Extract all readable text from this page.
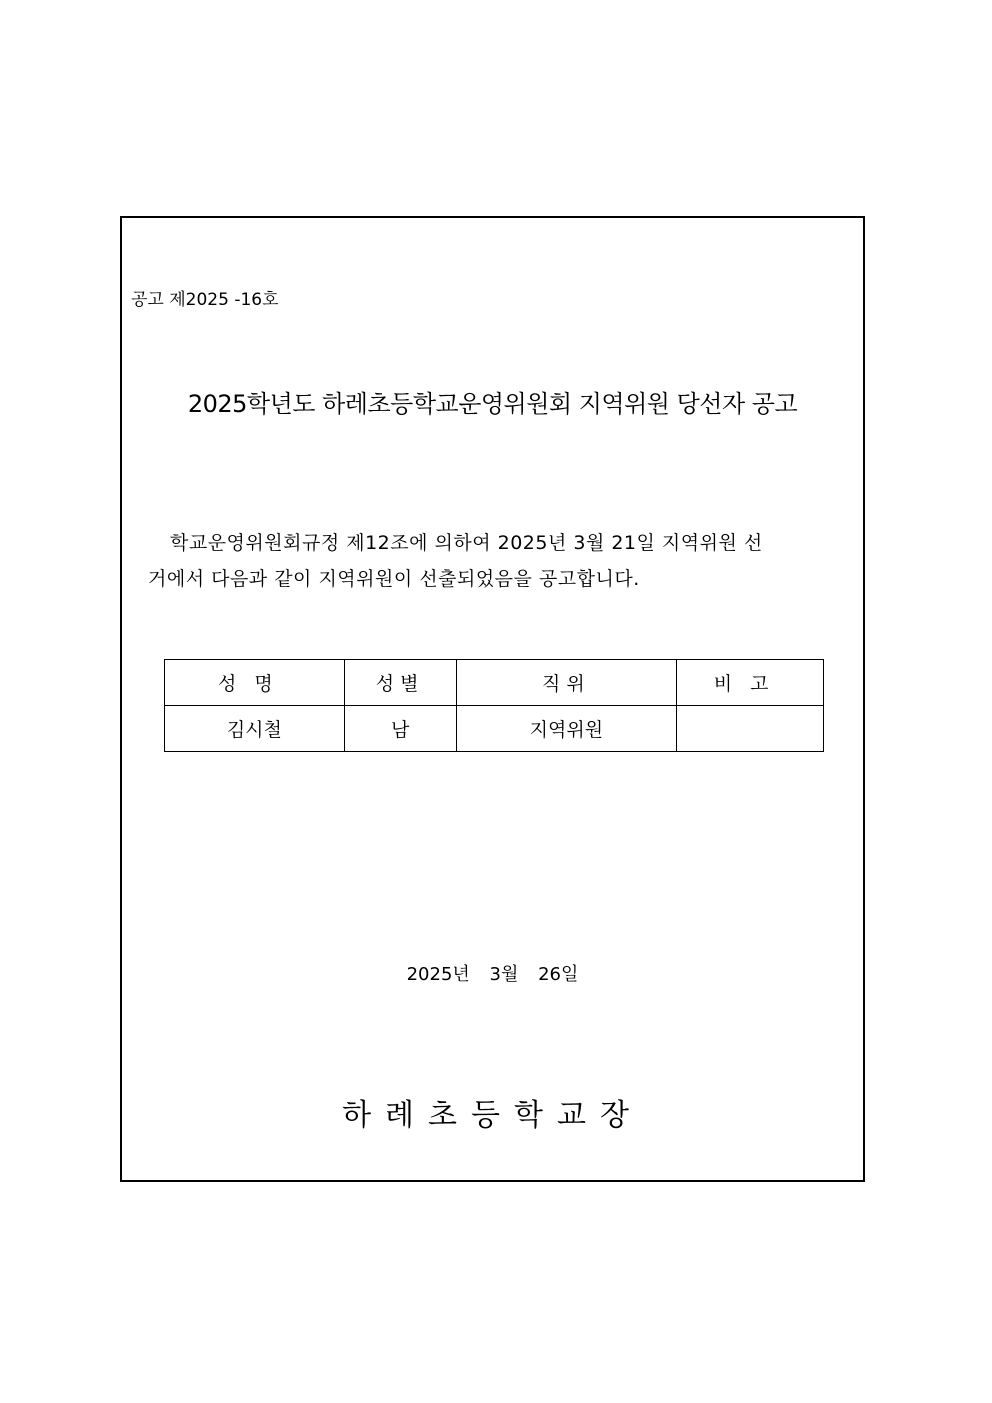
공고 제2025 -16호
2025학년도 하레초등학교운영위원회 지역위원 당선자 공고
학교운영위원회규정 제12조에 의하여 2025년 3월 21일 지역위원 선
거에서 다음과 같이 지역위원이 선출되었음을 공고합니다.
성명	성별	직위	비고
김시철	남	지역위원	
2025년 3월 26일
하례초등학교장
